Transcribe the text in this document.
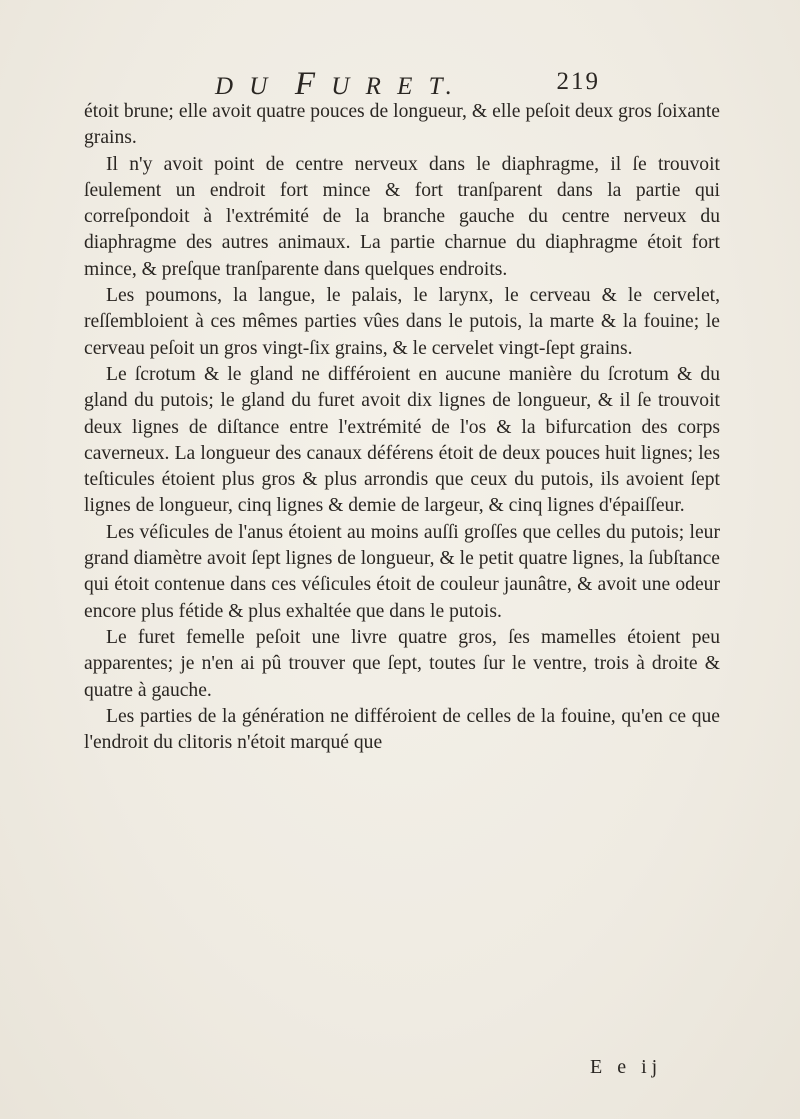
D U F U R E T.	219

étoit brune; elle avoit quatre pouces de longueur, & elle peſoit deux gros ſoixante grains.

Il n'y avoit point de centre nerveux dans le diaphragme, il ſe trouvoit ſeulement un endroit fort mince & fort tranſparent dans la partie qui correſpondoit à l'extrémité de la branche gauche du centre nerveux du diaphragme des autres animaux. La partie charnue du diaphragme étoit fort mince, & preſque tranſparente dans quelques endroits.

Les poumons, la langue, le palais, le larynx, le cerveau & le cervelet, reſſembloient à ces mêmes parties vûes dans le putois, la marte & la fouine; le cerveau peſoit un gros vingt-ſix grains, & le cervelet vingt-ſept grains.

Le ſcrotum & le gland ne différoient en aucune manière du ſcrotum & du gland du putois; le gland du furet avoit dix lignes de longueur, & il ſe trouvoit deux lignes de diſtance entre l'extrémité de l'os & la bifurcation des corps caverneux. La longueur des canaux déférens étoit de deux pouces huit lignes; les teſticules étoient plus gros & plus arrondis que ceux du putois, ils avoient ſept lignes de longueur, cinq lignes & demie de largeur, & cinq lignes d'épaiſſeur.

Les véſicules de l'anus étoient au moins auſſi groſſes que celles du putois; leur grand diamètre avoit ſept lignes de longueur, & le petit quatre lignes, la ſubſtance qui étoit contenue dans ces véſicules étoit de couleur jaunâtre, & avoit une odeur encore plus fétide & plus exhaltée que dans le putois.

Le furet femelle peſoit une livre quatre gros, ſes mamelles étoient peu apparentes; je n'en ai pû trouver que ſept, toutes ſur le ventre, trois à droite & quatre à gauche.

Les parties de la génération ne différoient de celles de la fouine, qu'en ce que l'endroit du clitoris n'étoit marqué que

E e ij
